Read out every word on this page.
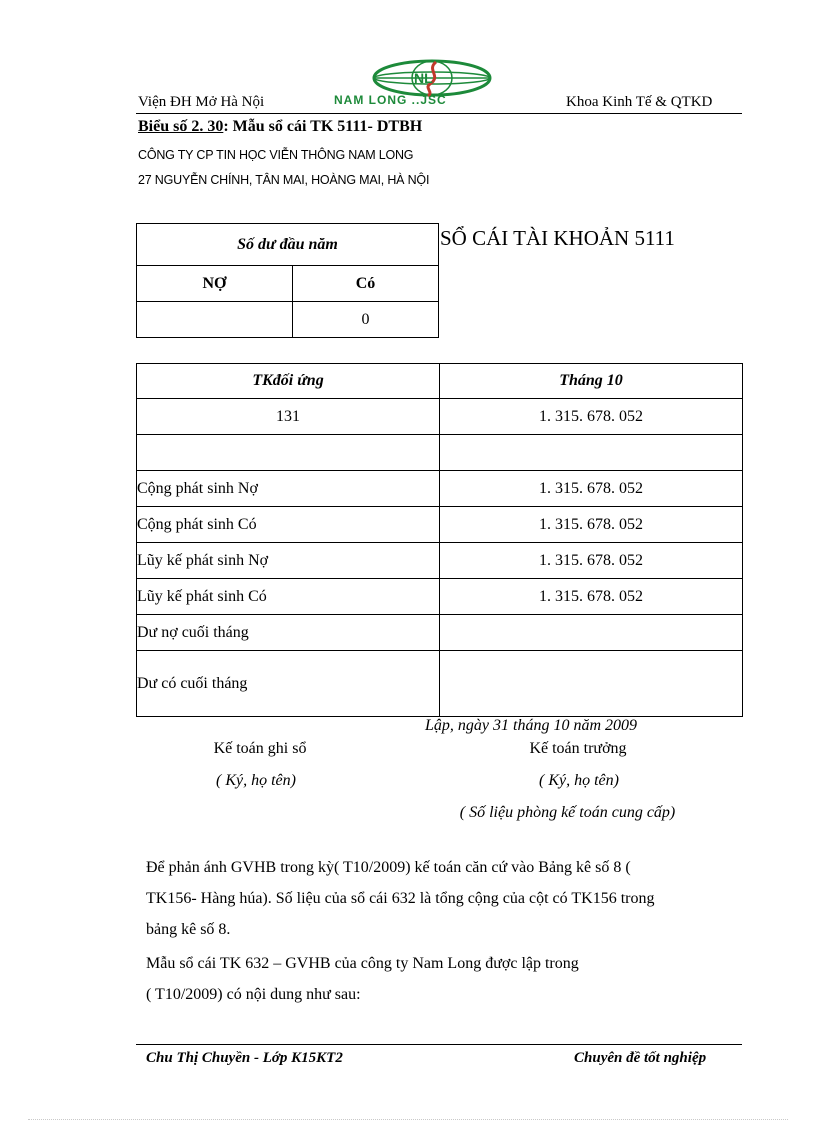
Viện ĐH Mở Hà Nội
NL
NAM LONG ..JSC	Khoa Kinh Tế & QTKD
Biểu số 2. 30: Mẫu sổ cái TK 5111- DTBH
CÔNG TY CP TIN HỌC VIỄN THÔNG NAM LONG
27 NGUYỄN CHÍNH, TÂN MAI, HOÀNG MAI, HÀ NỘI
Số dư đầu năm	
NỢ	Có
	0
SỔ CÁI TÀI KHOẢN 5111
TKđối ứng	Tháng 10
131	1. 315. 678. 052

Cộng phát sinh Nợ	1. 315. 678. 052
Cộng phát sinh Có	1. 315. 678. 052
Lũy kế phát sinh Nợ	1. 315. 678. 052
Lũy kế phát sinh Có	1. 315. 678. 052
Dư nợ cuối tháng	
Dư có cuối tháng	
Lập, ngày 31 tháng 10 năm 2009
Kế toán ghi sổ
( Ký, họ tên)
Kế toán trưởng
( Ký, họ tên)
( Số liệu phòng kế toán cung cấp)
Để phản ánh GVHB trong kỳ( T10/2009) kế toán căn cứ vào Bảng kê số 8 (
TK156- Hàng húa). Số liệu của sổ cái 632 là tổng cộng của cột có TK156 trong
bảng kê số 8.
Mẫu sổ cái TK 632 – GVHB của công ty Nam Long được lập trong
( T10/2009) có nội dung như sau:
Chu Thị Chuyền - Lớp K15KT2	Chuyên đề tốt nghiệp
